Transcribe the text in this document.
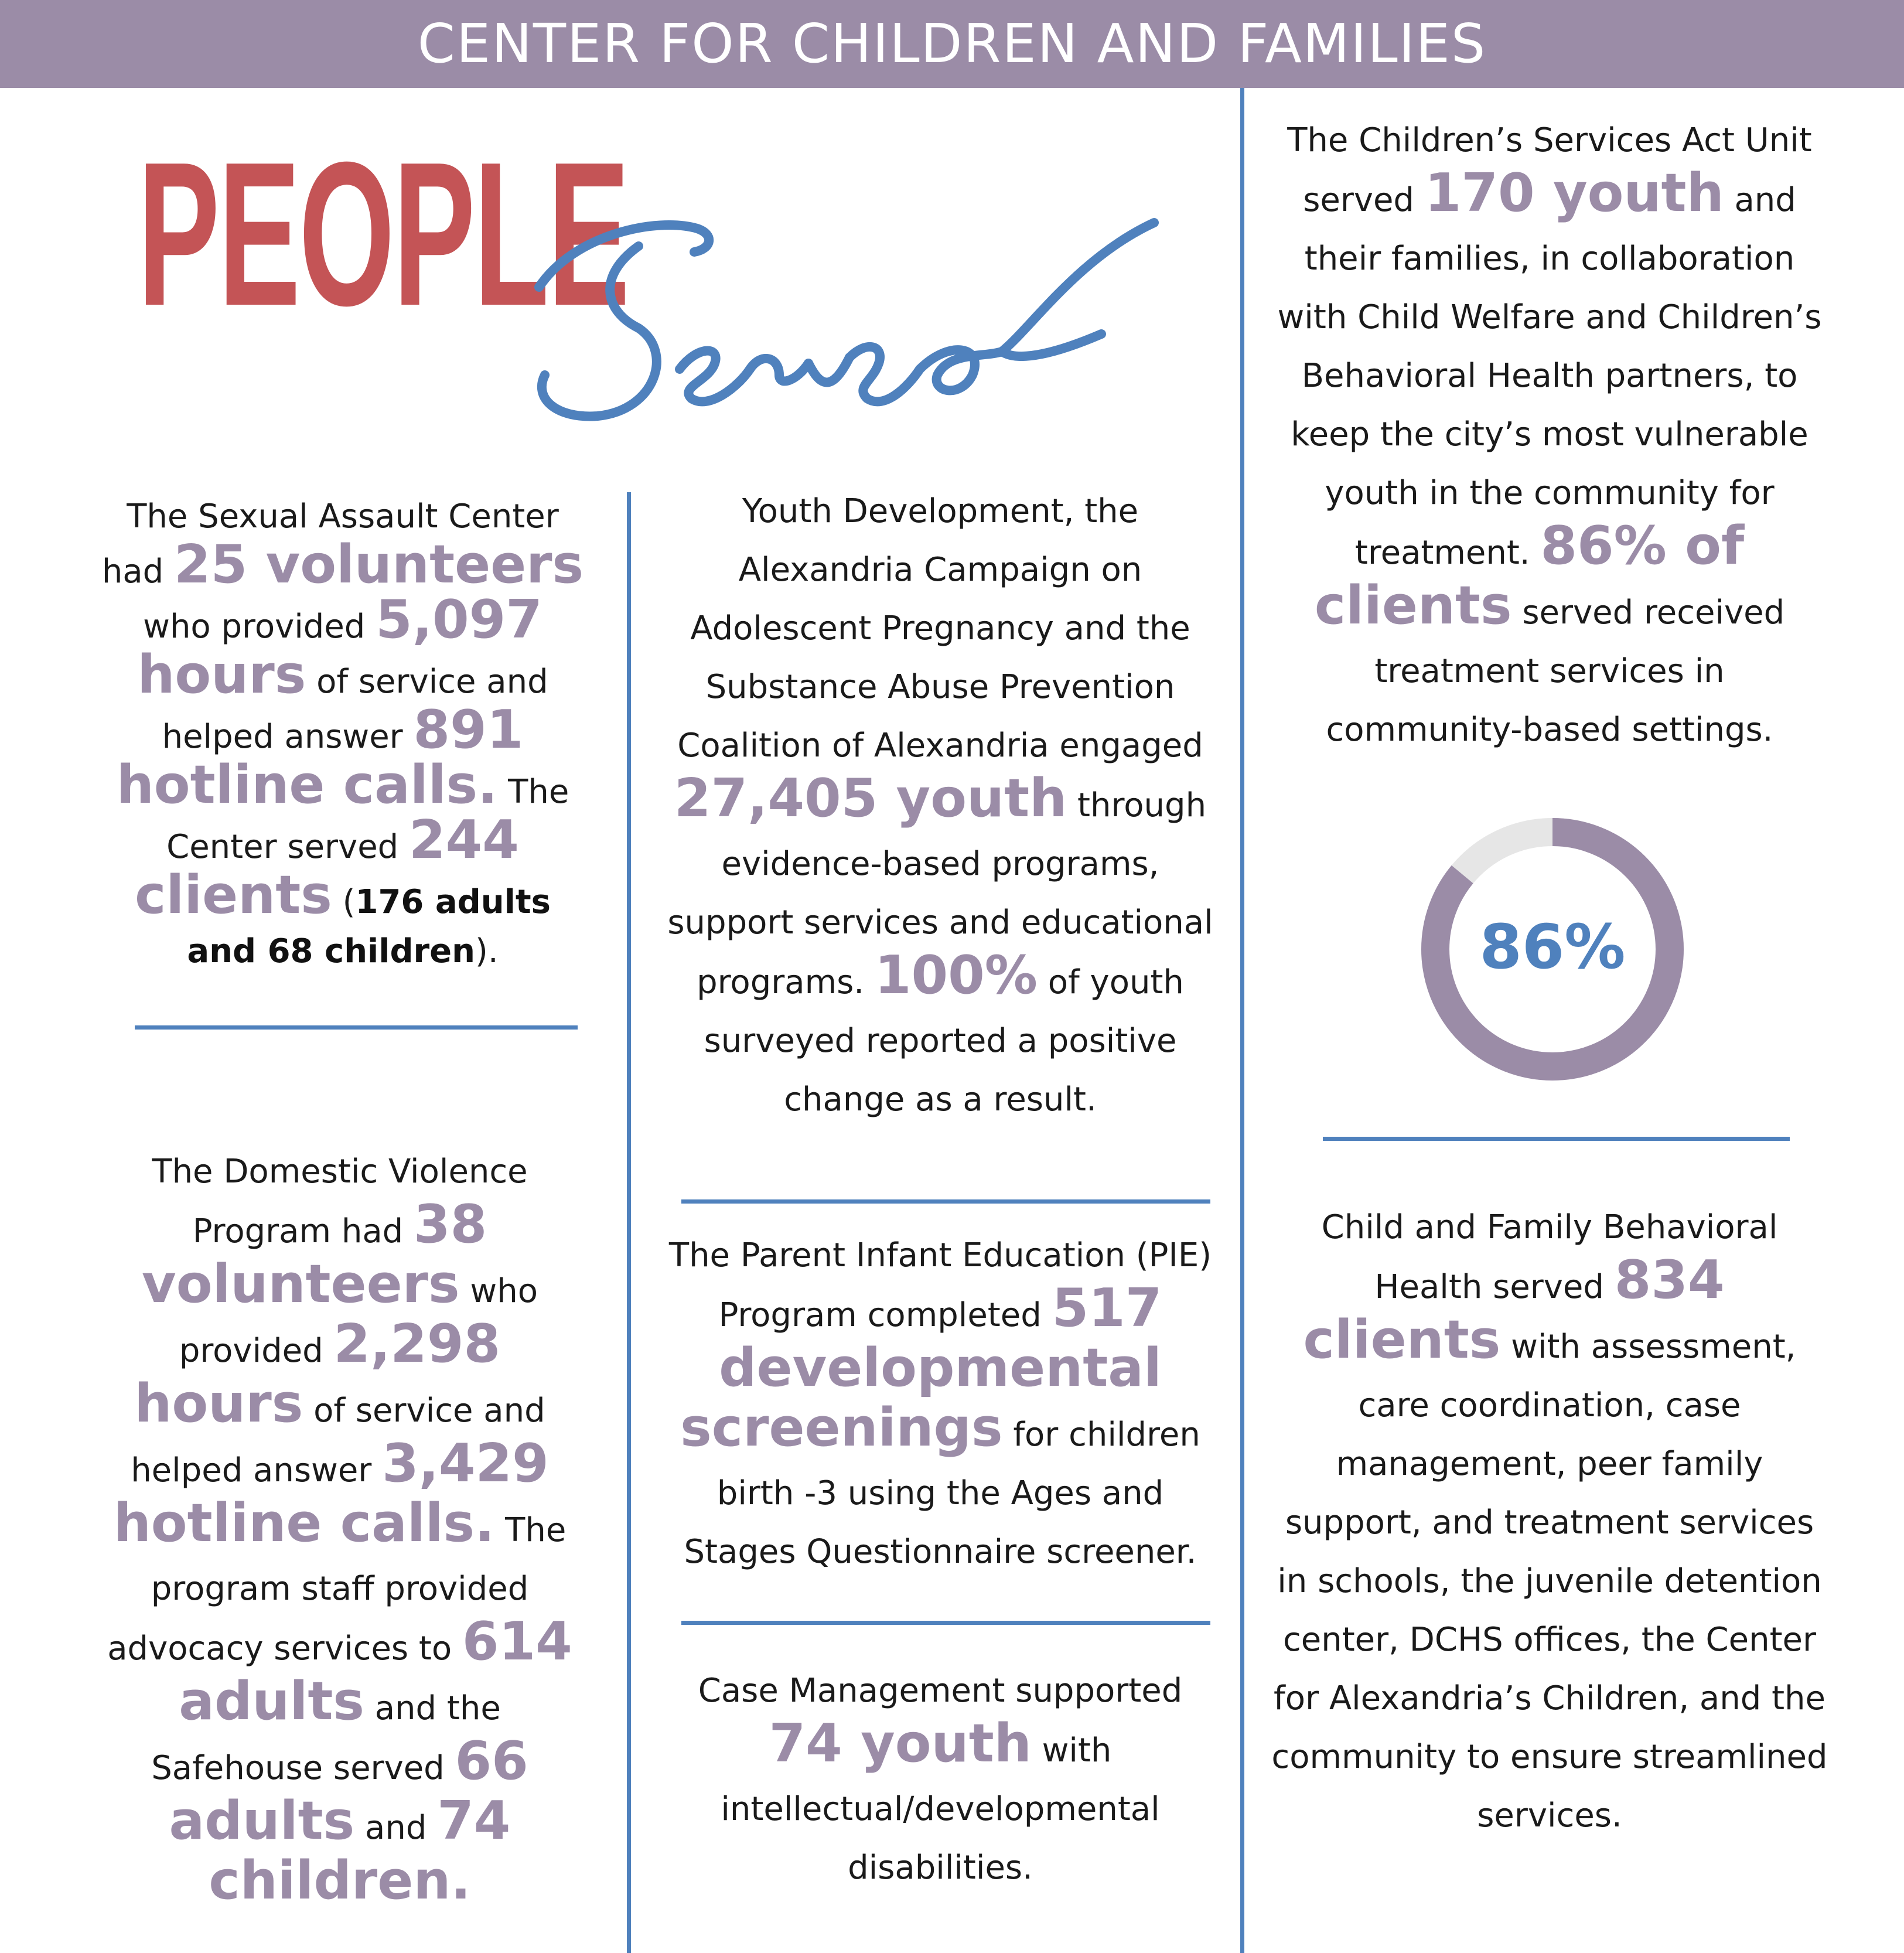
CENTER FOR CHILDREN AND FAMILIES
PEOPLE
The Sexual Assault Center had 25 volunteers who provided 5,097 hours of service and helped answer 891 hotline calls. The Center served 244 clients (176 adults and 68 children).
The Domestic Violence Program had 38 volunteers who provided 2,298 hours of service and helped answer 3,429 hotline calls. The program staff provided advocacy services to 614 adults and the Safehouse served 66 adults and 74 children.
Youth Development, the Alexandria Campaign on Adolescent Pregnancy and the Substance Abuse Prevention Coalition of Alexandria engaged 27,405 youth through evidence-based programs, support services and educational programs. 100% of youth surveyed reported a positive change as a result.
The Parent Infant Education (PIE) Program completed 517 developmental screenings for children birth -3 using the Ages and Stages Questionnaire screener.
Case Management supported 74 youth with intellectual/developmental disabilities.
The Children’s Services Act Unit served 170 youth and their families, in collaboration with Child Welfare and Children’s Behavioral Health partners, to keep the city’s most vulnerable youth in the community for treatment. 86% of clients served received treatment services in community-based settings.
86%
Child and Family Behavioral Health served 834 clients with assessment, care coordination, case management, peer family support, and treatment services in schools, the juvenile detention center, DCHS offices, the Center for Alexandria’s Children, and the community to ensure streamlined services.
